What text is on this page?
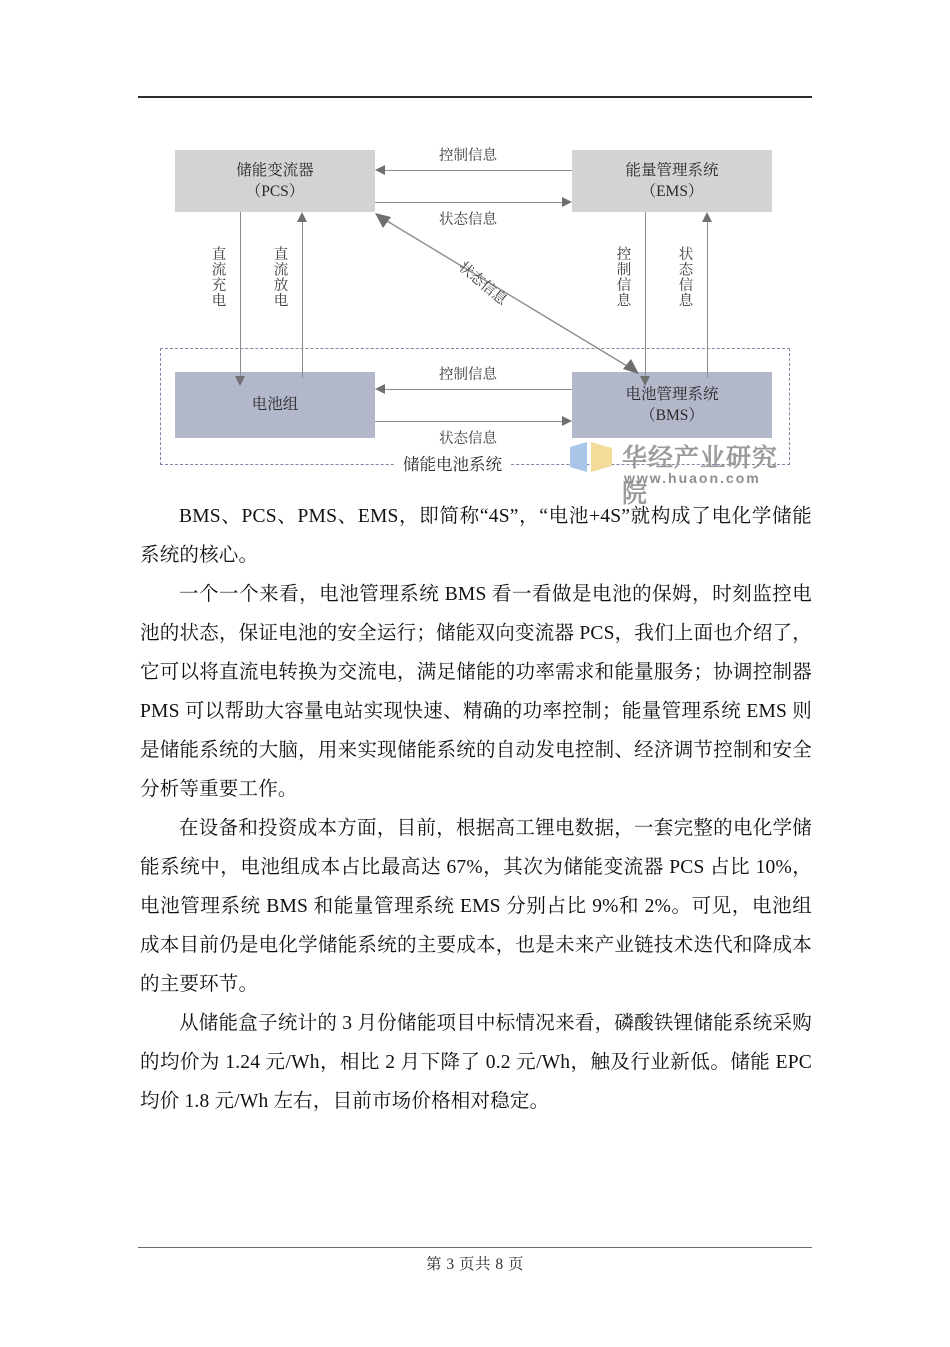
储能电池系统
储能变流器
（PCS）
能量管理系统
（EMS）
电池组
电池管理系统
（BMS）
控制信息
状态信息
直流充电	直流放电	控制信息	状态信息
状态信息
控制信息
状态信息
华经产业研究院
www.huaon.com

BMS、PCS、PMS、EMS，即简称“4S”，“电池+4S”就构成了电化学储能系统的核心。

一个一个来看，电池管理系统 BMS 看一看做是电池的保姆，时刻监控电池的状态，保证电池的安全运行；储能双向变流器 PCS，我们上面也介绍了，它可以将直流电转换为交流电，满足储能的功率需求和能量服务；协调控制器 PMS 可以帮助大容量电站实现快速、精确的功率控制；能量管理系统 EMS 则是储能系统的大脑，用来实现储能系统的自动发电控制、经济调节控制和安全分析等重要工作。

在设备和投资成本方面，目前，根据高工锂电数据，一套完整的电化学储能系统中，电池组成本占比最高达 67%，其次为储能变流器 PCS 占比 10%，电池管理系统 BMS 和能量管理系统 EMS 分别占比 9%和 2%。可见，电池组成本目前仍是电化学储能系统的主要成本，也是未来产业链技术迭代和降成本的主要环节。

从储能盒子统计的 3 月份储能项目中标情况来看，磷酸铁锂储能系统采购的均价为 1.24 元/Wh，相比 2 月下降了 0.2 元/Wh，触及行业新低。储能 EPC 均价 1.8 元/Wh 左右，目前市场价格相对稳定。

第 3 页共 8 页
